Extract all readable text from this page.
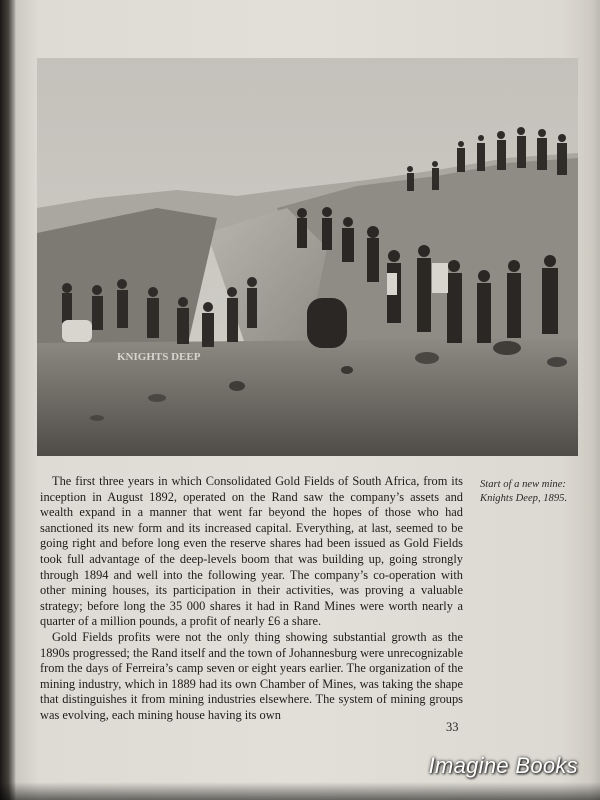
KNIGHTS DEEP

The first three years in which Consolidated Gold Fields of South Africa, from its inception in August 1892, operated on the Rand saw the company’s assets and wealth expand in a manner that went far beyond the hopes of those who had sanctioned its new form and its increased capital. Everything, at last, seemed to be going right and before long even the reserve shares had been issued as Gold Fields took full advantage of the deep-levels boom that was building up, going strongly through 1894 and well into the following year. The company’s co-operation with other mining houses, its participation in their activities, was proving a valuable strategy; before long the 35 000 shares it had in Rand Mines were worth nearly a quarter of a million pounds, a profit of nearly £6 a share.

Gold Fields profits were not the only thing showing substantial growth as the 1890s progressed; the Rand itself and the town of Johannesburg were unrecognizable from the days of Ferreira’s camp seven or eight years earlier. The organization of the mining industry, which in 1889 had its own Chamber of Mines, was taking the shape that distinguishes it from mining industries elsewhere. The system of mining groups was evolving, each mining house having its own

Start of a new mine:
Knights Deep, 1895.
33
Imagine Books
